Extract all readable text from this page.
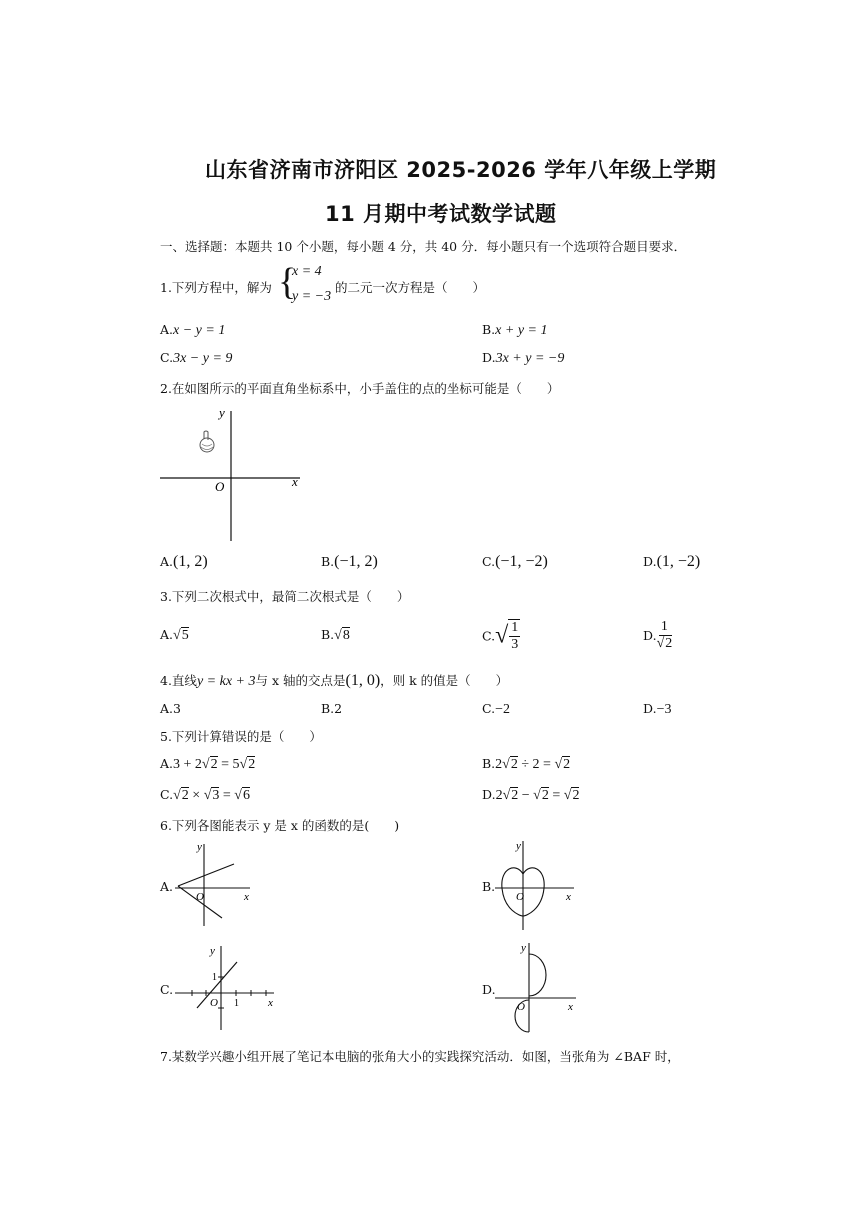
山东省济南市济阳区 2025-2026 学年八年级上学期
11 月期中考试数学试题
一、选择题：本题共 10 个小题，每小题 4 分，共 40 分．每小题只有一个选项符合题目要求．
1.下列方程中，解为 {
x = 4
y = −3
的二元一次方程是（　　）
A.x − y = 1	B.x + y = 1
C.3x − y = 9	D.3x + y = −9
2.在如图所示的平面直角坐标系中，小手盖住的点的坐标可能是（　　）
x
y
O
A.(1, 2)	B.(−1, 2)	C.(−1, −2)	D.(1, −2)
3.下列二次根式中，最简二次根式是（　　）
A.√5	B.√8	$C.√ \frac{1}{3}$	D. $\frac{1}{√2}$
4.直线y = kx + 3与 x 轴的交点是(1, 0)，则 k 的值是（　　）
A.3	B.2	C.−2	D.−3
5.下列计算错误的是（　　）
A.3 + 2√2 = 5√2	B.2√2 ÷ 2 = √2
C.√2 × √3 = √6	D.2√2 − √2 = √2
6.下列各图能表示 y 是 x 的函数的是(　　)
A.
x
y
O
B.
x
y
O
C.
x
y
O
1
1
D.
x
y
O
7.某数学兴趣小组开展了笔记本电脑的张角大小的实践探究活动．如图，当张角为 ∠BAF 时，
